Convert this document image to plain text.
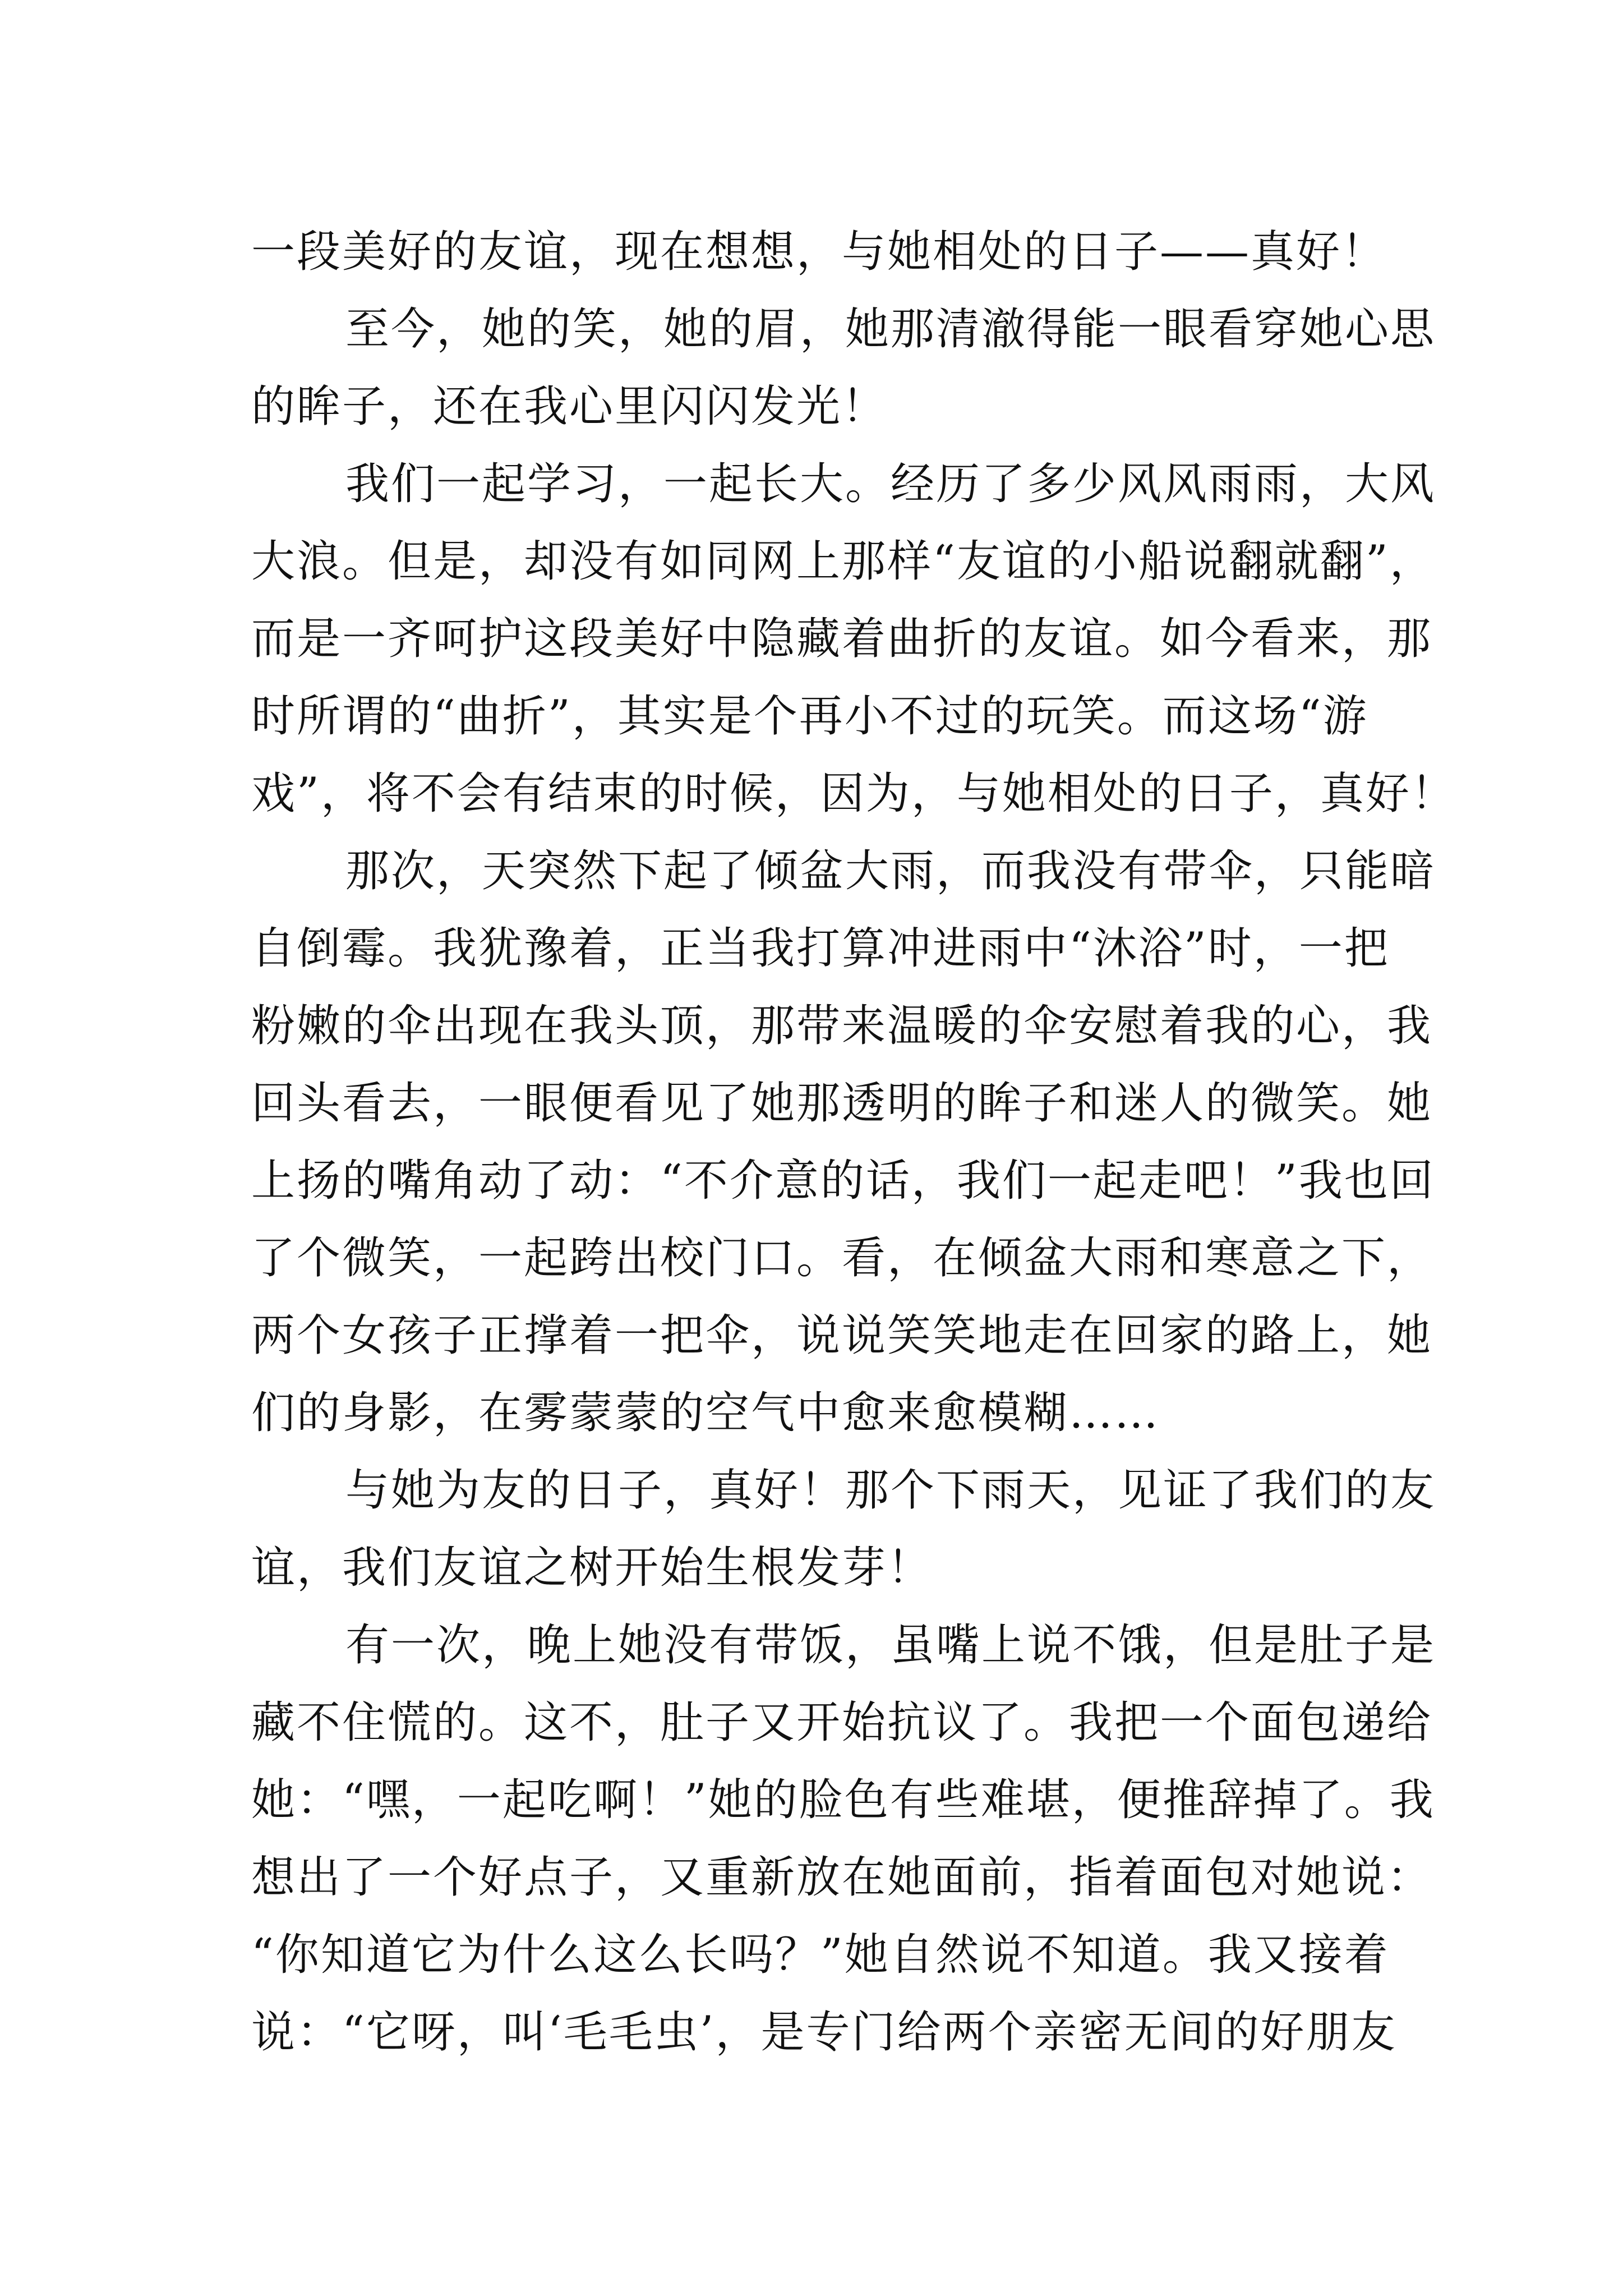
一段美好的友谊，现在想想，与她相处的日子——真好！
至今，她的笑，她的眉，她那清澈得能一眼看穿她心思
的眸子，还在我心里闪闪发光！
我们一起学习，一起长大。经历了多少风风雨雨，大风
大浪。但是，却没有如同网上那样“友谊的小船说翻就翻”，
而是一齐呵护这段美好中隐藏着曲折的友谊。如今看来，那
时所谓的“曲折”，其实是个再小不过的玩笑。而这场“游
戏”，将不会有结束的时候，因为，与她相处的日子，真好！
那次，天突然下起了倾盆大雨，而我没有带伞，只能暗
自倒霉。我犹豫着，正当我打算冲进雨中“沐浴”时，一把
粉嫩的伞出现在我头顶，那带来温暖的伞安慰着我的心，我
回头看去，一眼便看见了她那透明的眸子和迷人的微笑。她
上扬的嘴角动了动：“不介意的话，我们一起走吧！”我也回
了个微笑，一起跨出校门口。看，在倾盆大雨和寒意之下，
两个女孩子正撑着一把伞，说说笑笑地走在回家的路上，她
们的身影，在雾蒙蒙的空气中愈来愈模糊……
与她为友的日子，真好！那个下雨天，见证了我们的友
谊，我们友谊之树开始生根发芽！
有一次，晚上她没有带饭，虽嘴上说不饿，但是肚子是
藏不住慌的。这不，肚子又开始抗议了。我把一个面包递给
她：“嘿，一起吃啊！”她的脸色有些难堪，便推辞掉了。我
想出了一个好点子，又重新放在她面前，指着面包对她说：
“你知道它为什么这么长吗？”她自然说不知道。我又接着
说：“它呀，叫‘毛毛虫’，是专门给两个亲密无间的好朋友
